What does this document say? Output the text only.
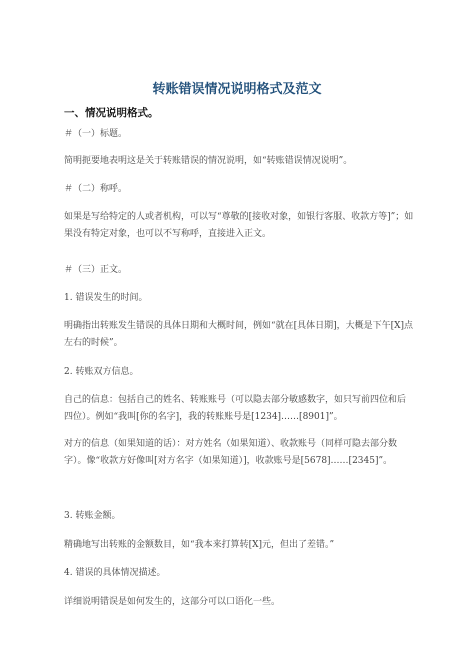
转账错误情况说明格式及范文
一、情况说明格式。
＃（一）标题。
简明扼要地表明这是关于转账错误的情况说明，如“转账错误情况说明”。
＃（二）称呼。
如果是写给特定的人或者机构，可以写“尊敬的[接收对象，如银行客服、收款方等]”；如果没有特定对象，也可以不写称呼，直接进入正文。
＃（三）正文。
1. 错误发生的时间。
明确指出转账发生错误的具体日期和大概时间，例如“就在[具体日期]，大概是下午[X]点左右的时候”。
2. 转账双方信息。
自己的信息：包括自己的姓名、转账账号（可以隐去部分敏感数字，如只写前四位和后四位）。例如“我叫[你的名字]，我的转账账号是[1234]……[8901]”。
对方的信息（如果知道的话）：对方姓名（如果知道）、收款账号（同样可隐去部分数字）。像“收款方好像叫[对方名字（如果知道）]，收款账号是[5678]……[2345]”。
3. 转账金额。
精确地写出转账的金额数目，如“我本来打算转[X]元，但出了差错。”
4. 错误的具体情况描述。
详细说明错误是如何发生的，这部分可以口语化一些。
